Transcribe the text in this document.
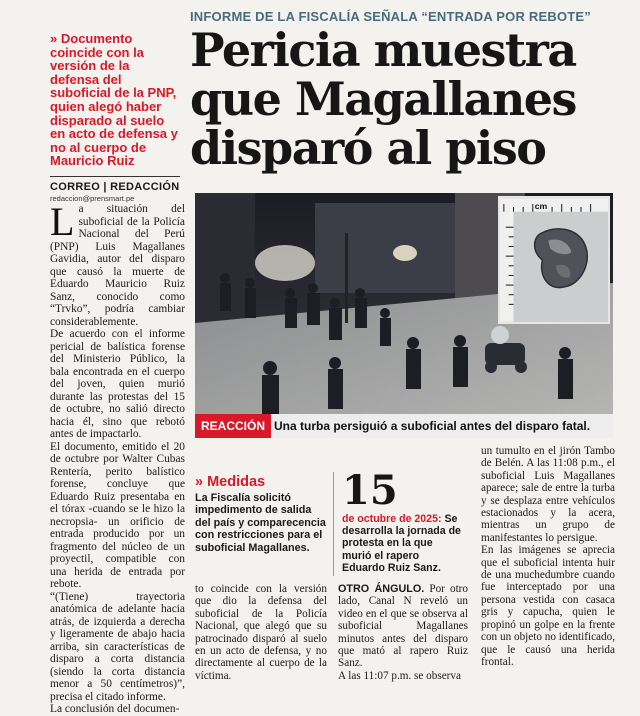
INFORME DE LA FISCALÍA SEÑALA “ENTRADA POR REBOTE”
Pericia muestra que Magallanes disparó al piso
» Documento coincide con la versión de la defensa del suboficial de la PNP, quien alegó haber disparado al suelo en acto de defensa y no al cuerpo de Mauricio Ruiz
CORREO | REDACCIÓN
redaccion@prensmart.pe

La situación del suboficial de la Policía Nacional del Perú (PNP) Luis Magallanes Gavidia, autor del disparo que causó la muerte de Eduardo Mauricio Ruiz Sanz, conocido como “Trvko”, podría cambiar considerablemente.

De acuerdo con el informe pericial de balística forense del Ministerio Público, la bala encontrada en el cuerpo del joven, quien murió durante las protestas del 15 de octubre, no salió directo hacia él, sino que rebotó antes de impactarlo.

El documento, emitido el 20 de octubre por Walter Cubas Rentería, perito balístico forense, concluye que Eduardo Ruiz presentaba en el tórax -cuando se le hizo la necropsia- un orificio de entrada producido por un fragmento del núcleo de un proyectil, compatible con una herida de entrada por rebote.

“(Tiene) trayectoria anatómica de adelante hacia atrás, de izquierda a derecha y ligeramente de abajo hacia arriba, sin características de disparo a corta distancia (siendo la corta distancia menor a 50 centímetros)”, precisa el citado informe.

La conclusión del documen-

cm
REACCIÓN Una turba persiguió a suboficial antes del disparo fatal.
» Medidas
La Fiscalía solicitó impedimento de salida del país y comparecencia con restricciones para el suboficial Magallanes.
15
de octubre de 2025: Se desarrolla la jornada de protesta en la que murió el rapero Eduardo Ruiz Sanz.

to coincide con la versión que dio la defensa del suboficial de la Policía Nacional, que alegó que su patrocinado disparó al suelo en un acto de defensa, y no directamente al cuerpo de la víctima.

OTRO ÁNGULO. Por otro lado, Canal N reveló un video en el que se observa al suboficial Magallanes minutos antes del disparo que mató al rapero Ruiz Sanz.

A las 11:07 p.m. se observa

un tumulto en el jirón Tambo de Belén. A las 11:08 p.m., el suboficial Luis Magallanes aparece; sale de entre la turba y se desplaza entre vehículos estacionados y la acera, mientras un grupo de manifestantes lo persigue.

En las imágenes se aprecia que el suboficial intenta huir de una muchedumbre cuando fue interceptado por una persona vestida con casaca gris y capucha, quien le propinó un golpe en la frente con un objeto no identificado, que le causó una herida frontal.
